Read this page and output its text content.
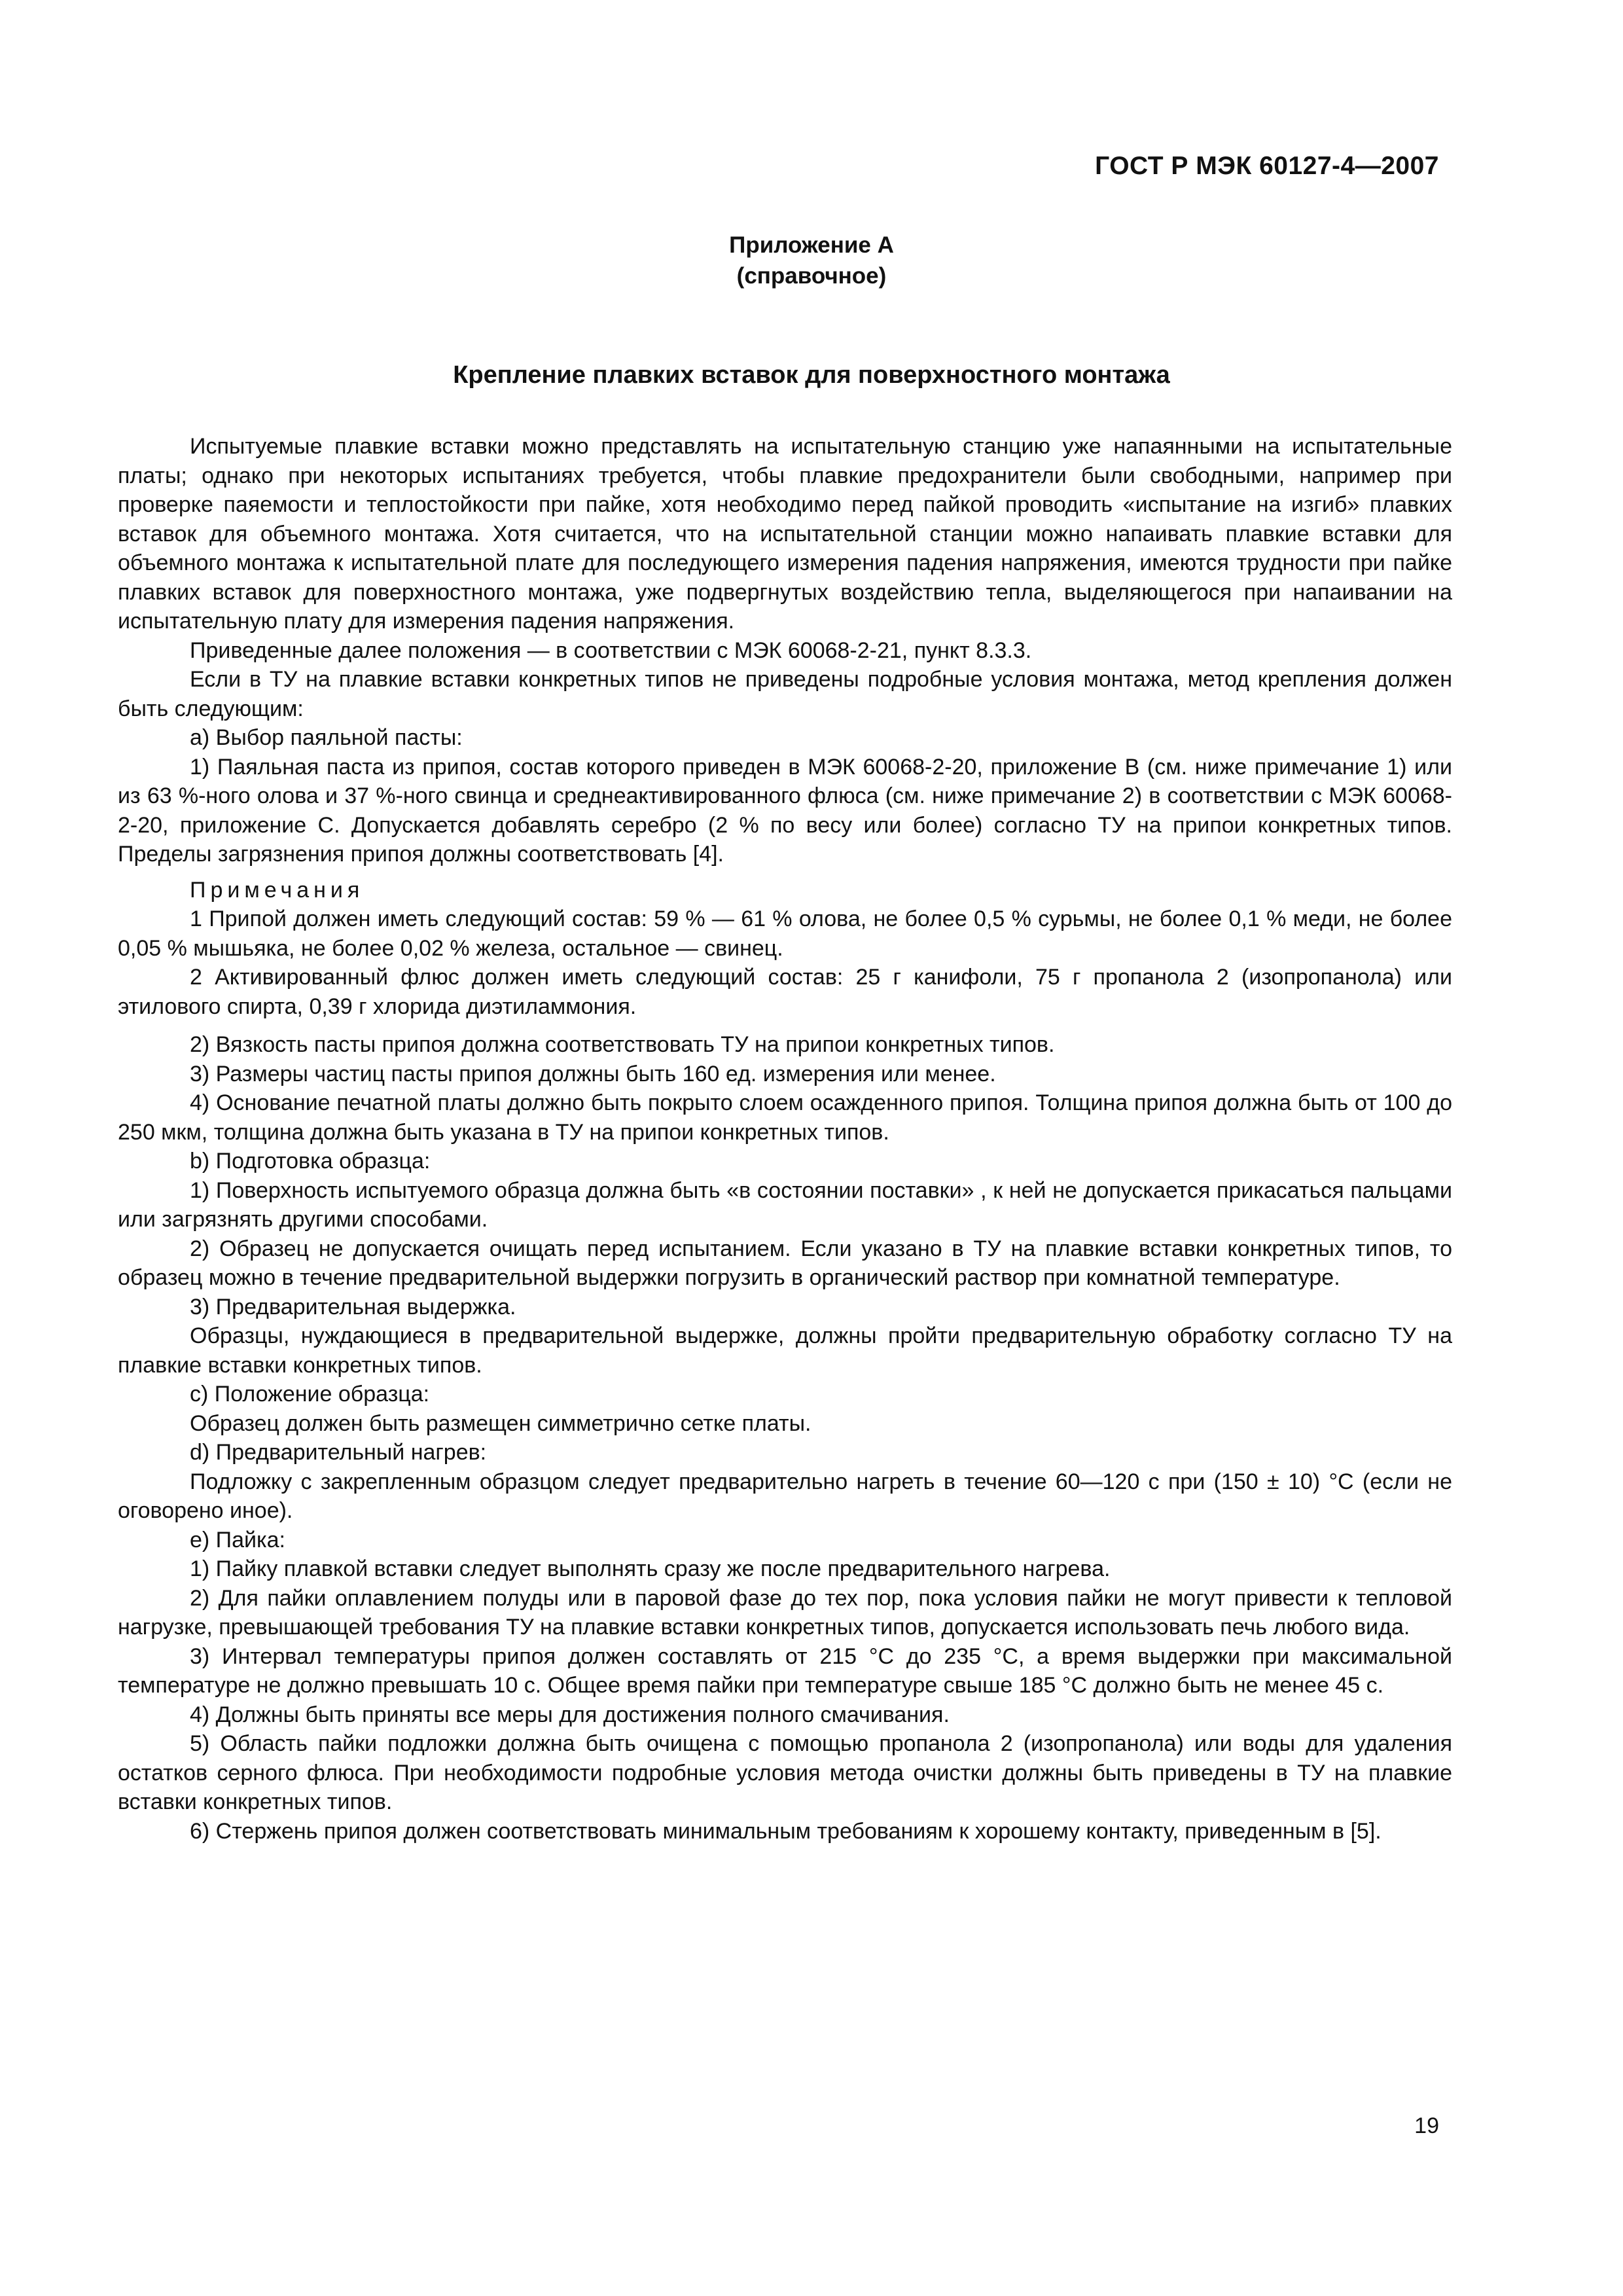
ГОСТ Р МЭК 60127-4—2007
Приложение А
(справочное)
Крепление плавких вставок для поверхностного монтажа

Испытуемые плавкие вставки можно представлять на испытательную станцию уже напаянными на испытательные платы; однако при некоторых испытаниях требуется, чтобы плавкие предохранители были свободными, например при проверке паяемости и теплостойкости при пайке, хотя необходимо перед пайкой проводить «испытание на изгиб» плавких вставок для объемного монтажа. Хотя считается, что на испытательной станции можно напаивать плавкие вставки для объемного монтажа к испытательной плате для последующего измерения падения напряжения, имеются трудности при пайке плавких вставок для поверхностного монтажа, уже подвергнутых воздействию тепла, выделяющегося при напаивании на испытательную плату для измерения падения напряжения.

Приведенные далее положения — в соответствии с МЭК 60068-2-21, пункт 8.3.3.

Если в ТУ на плавкие вставки конкретных типов не приведены подробные условия монтажа, метод крепления должен быть следующим:

a) Выбор паяльной пасты:

1) Паяльная паста из припоя, состав которого приведен в МЭК 60068-2-20, приложение В (см. ниже примечание 1) или из 63 %-ного олова и 37 %-ного свинца и среднеактивированного флюса (см. ниже примечание 2) в соответствии с МЭК 60068-2-20, приложение С. Допускается добавлять серебро (2 % по весу или более) согласно ТУ на припои конкретных типов. Пределы загрязнения припоя должны соответствовать [4].

Примечания

1 Припой должен иметь следующий состав: 59 % — 61 % олова, не более 0,5 % сурьмы, не более 0,1 % меди, не более 0,05 % мышьяка, не более 0,02 % железа, остальное — свинец.

2 Активированный флюс должен иметь следующий состав: 25 г канифоли, 75 г пропанола 2 (изопропанола) или этилового спирта, 0,39 г хлорида диэтиламмония.

2) Вязкость пасты припоя должна соответствовать ТУ на припои конкретных типов.

3) Размеры частиц пасты припоя должны быть 160 ед. измерения или менее.

4) Основание печатной платы должно быть покрыто слоем осажденного припоя. Толщина припоя должна быть от 100 до 250 мкм, толщина должна быть указана в ТУ на припои конкретных типов.

b) Подготовка образца:

1) Поверхность испытуемого образца должна быть «в состоянии поставки» , к ней не допускается прикасаться пальцами или загрязнять другими способами.

2) Образец не допускается очищать перед испытанием. Если указано в ТУ на плавкие вставки конкретных типов, то образец можно в течение предварительной выдержки погрузить в органический раствор при комнатной температуре.

3) Предварительная выдержка.

Образцы, нуждающиеся в предварительной выдержке, должны пройти предварительную обработку согласно ТУ на плавкие вставки конкретных типов.

c) Положение образца:

Образец должен быть размещен симметрично сетке платы.

d) Предварительный нагрев:

Подложку с закрепленным образцом следует предварительно нагреть в течение 60—120 с при (150 ± 10) °С (если не оговорено иное).

e) Пайка:

1) Пайку плавкой вставки следует выполнять сразу же после предварительного нагрева.

2) Для пайки оплавлением полуды или в паровой фазе до тех пор, пока условия пайки не могут привести к тепловой нагрузке, превышающей требования ТУ на плавкие вставки конкретных типов, допускается использовать печь любого вида.

3) Интервал температуры припоя должен составлять от 215 °С до 235 °С, а время выдержки при максимальной температуре не должно превышать 10 с. Общее время пайки при температуре свыше 185 °С должно быть не менее 45 с.

4) Должны быть приняты все меры для достижения полного смачивания.

5) Область пайки подложки должна быть очищена с помощью пропанола 2 (изопропанола) или воды для удаления остатков серного флюса. При необходимости подробные условия метода очистки должны быть приведены в ТУ на плавкие вставки конкретных типов.

6) Стержень припоя должен соответствовать минимальным требованиям к хорошему контакту, приведенным в [5].

19
